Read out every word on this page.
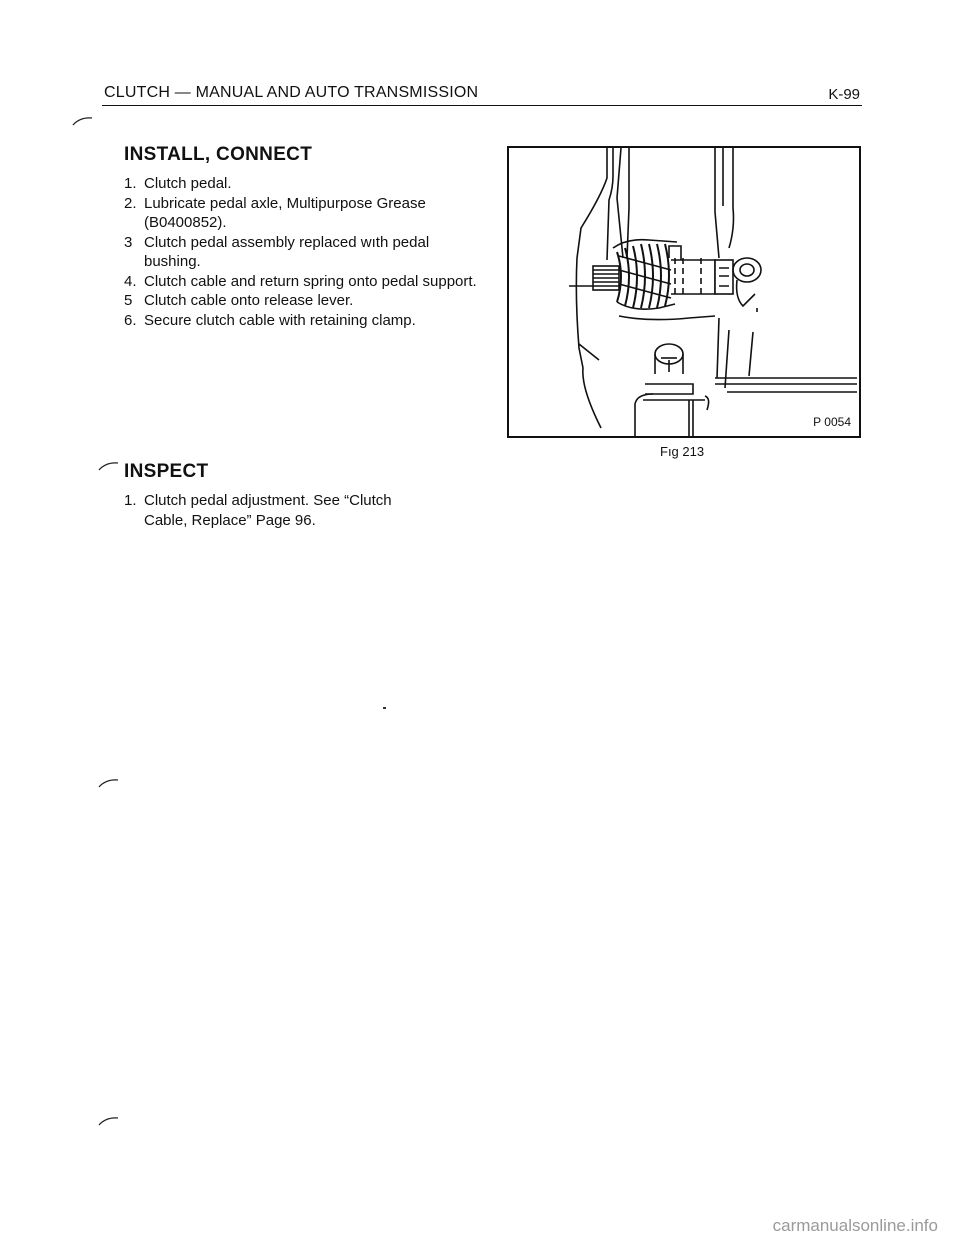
CLUTCH — MANUAL AND AUTO TRANSMISSION	K-99
INSTALL, CONNECT
1. Clutch pedal.
2. Lubricate pedal axle, Multipurpose Grease (B0400852).
3 Clutch pedal assembly replaced wıth pedal bushing.
4. Clutch cable and return spring onto pedal support.
5 Clutch cable onto release lever.
6. Secure clutch cable with retaining clamp.
INSPECT
1. Clutch pedal adjustment. See “Clutch Cable, Replace” Page 96.
P 0054
Fıg 213
carmanualsonline.info
